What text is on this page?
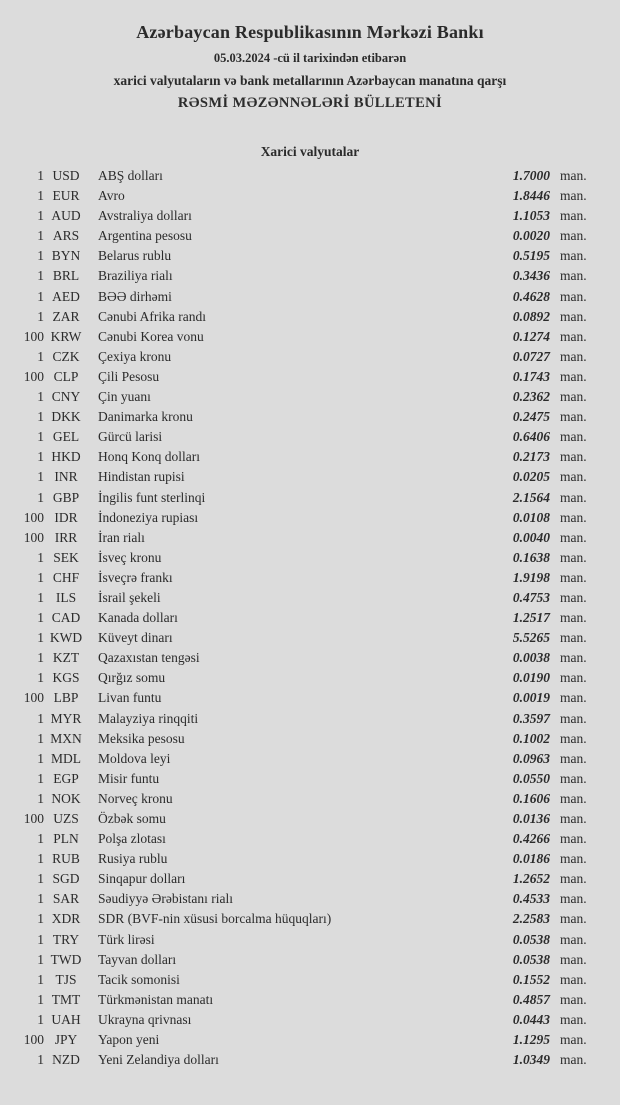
Azərbaycan Respublikasının Mərkəzi Bankı
05.03.2024 -cü il tarixindən etibarən
xarici valyutaların və bank metallarının Azərbaycan manatına qarşı
RƏSMİ MƏZƏNNƏLƏRİ BÜLLETENİ
Xarici valyutalar
1 USD	ABŞ dolları	1.7000 man.
1 EUR	Avro	1.8446 man.
1 AUD Avstraliya dolları	1.1053 man.
1 ARS	Argentina pesosu	0.0020 man.
1 BYN Belarus rublu	0.5195 man.
1 BRL	Braziliya rialı	0.3436 man.
1 AED	BƏƏ dirhəmi	0.4628 man.
1 ZAR	Cənubi Afrika randı	0.0892 man.
100 KRW Cənubi Korea vonu	0.1274 man.
1 CZK	Çexiya kronu	0.0727 man.
100 CLP	Çili Pesosu	0.1743 man.
1 CNY Çin yuanı	0.2362 man.
1 DKK Danimarka kronu	0.2475 man.
1 GEL	Gürcü larisi	0.6406 man.
1 HKD Honq Konq dolları	0.2173 man.
1 INR	Hindistan rupisi	0.0205 man.
1 GBP	İngilis funt sterlinqi	2.1564 man.
100 IDR	İndoneziya rupiası	0.0108 man.
100 IRR	İran rialı	0.0040 man.
1 SEK	İsveç kronu	0.1638 man.
1 CHF	İsveçrə frankı	1.9198 man.
1 ILS	İsrail şekeli	0.4753 man.
1 CAD Kanada dolları	1.2517 man.
1 KWD Küveyt dinarı	5.5265 man.
1 KZT	Qazaxıstan tengəsi	0.0038 man.
1 KGS	Qırğız somu	0.0190 man.
100 LBP	Livan funtu	0.0019 man.
1 MYR Malayziya rinqqiti	0.3597 man.
1 MXN Meksika pesosu	0.1002 man.
1 MDL Moldova leyi	0.0963 man.
1 EGP	Misir funtu	0.0550 man.
1 NOK Norveç kronu	0.1606 man.
100 UZS	Özbək somu	0.0136 man.
1 PLN	Polşa zlotası	0.4266 man.
1 RUB	Rusiya rublu	0.0186 man.
1 SGD	Sinqapur dolları	1.2652 man.
1 SAR	Səudiyyə Ərəbistanı rialı	0.4533 man.
1 XDR SDR (BVF-nin xüsusi borcalma hüquqları)	2.2583 man.
1 TRY	Türk lirəsi	0.0538 man.
1 TWD Tayvan dolları	0.0538 man.
1 TJS	Tacik somonisi	0.1552 man.
1 TMT Türkmənistan manatı	0.4857 man.
1 UAH Ukrayna qrivnası	0.0443 man.
100 JPY	Yapon yeni	1.1295 man.
1 NZD	Yeni Zelandiya dolları	1.0349 man.
